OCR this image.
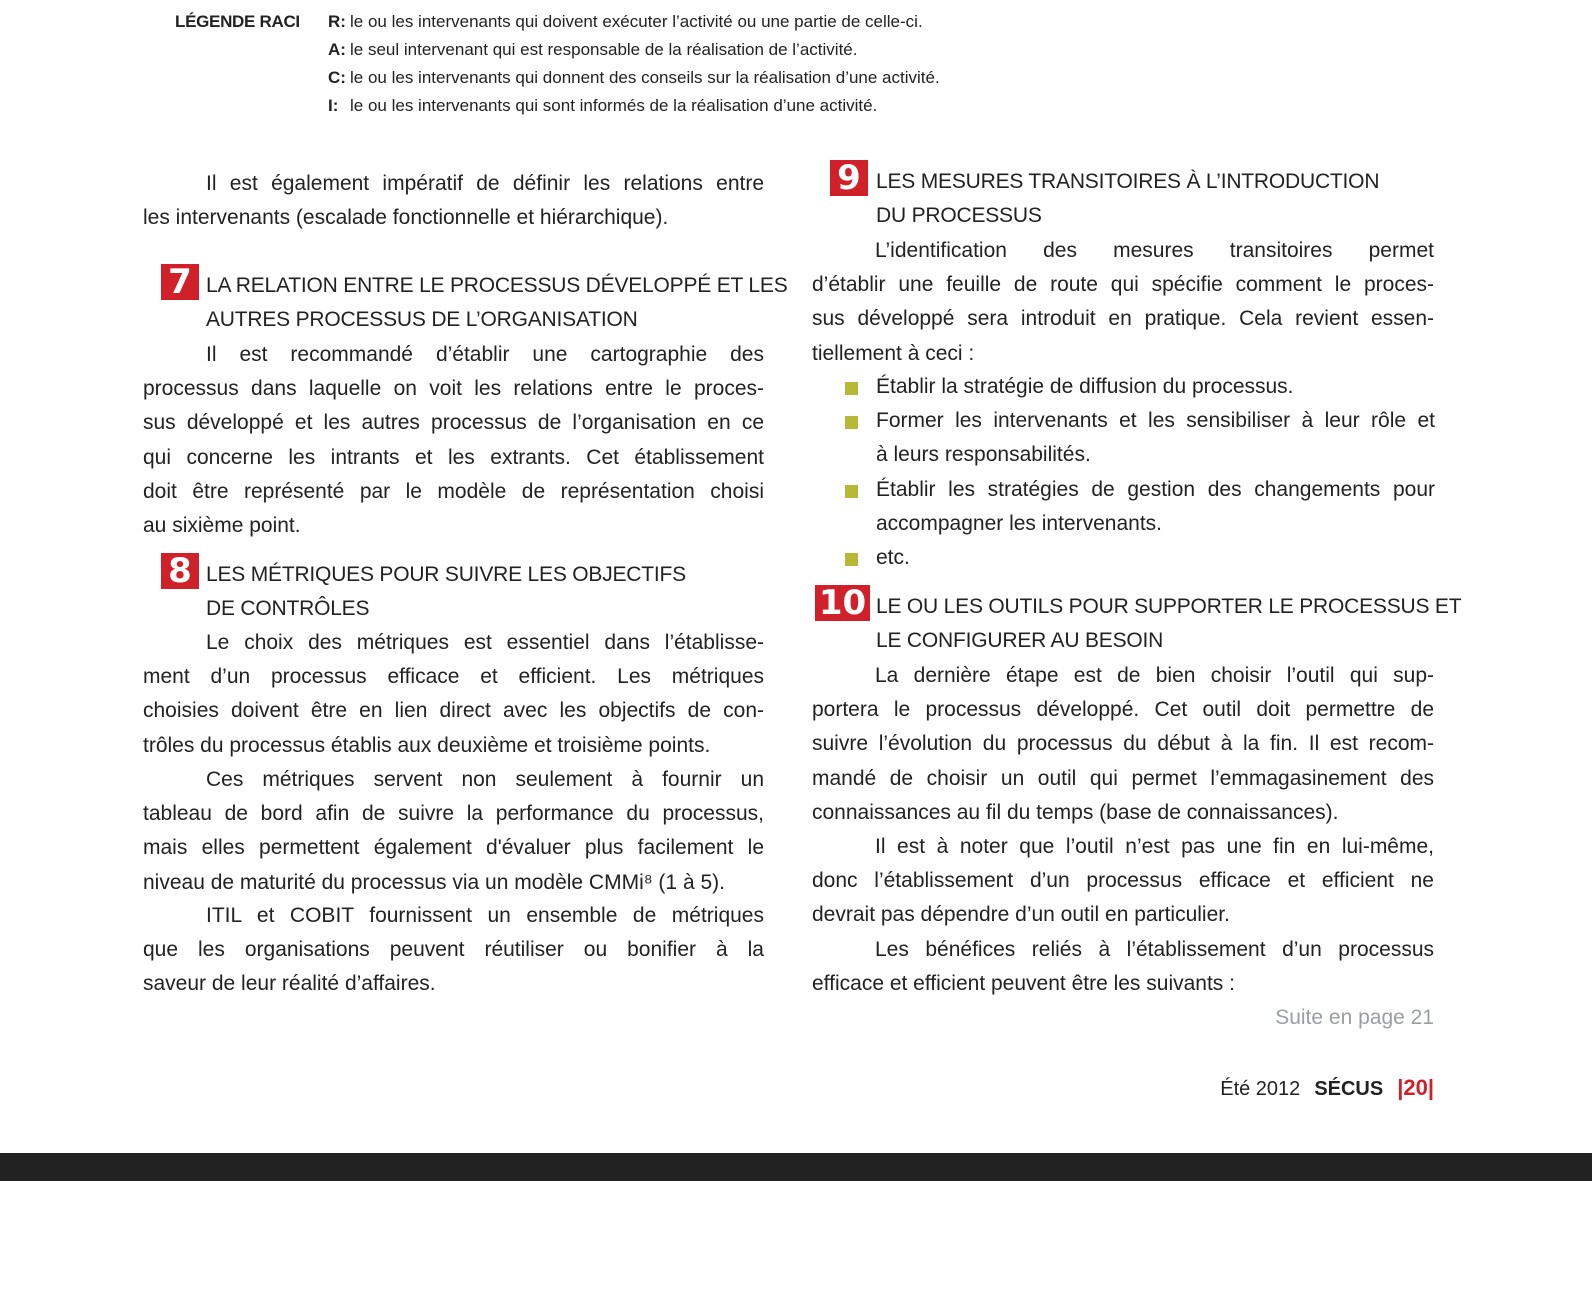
LÉGENDE RACI R: le ou les intervenants qui doivent exécuter l’activité ou une partie de celle-ci.
A: le seul intervenant qui est responsable de la réalisation de l’activité.
C: le ou les intervenants qui donnent des conseils sur la réalisation d’une activité.
I: le ou les intervenants qui sont informés de la réalisation d’une activité.
Il est également impératif de définir les relations entre
les intervenants (escalade fonctionnelle et hiérarchique).
7 LA RELATION ENTRE LE PROCESSUS DÉVELOPPÉ ET LES
AUTRES PROCESSUS DE L’ORGANISATION
Il est recommandé d’établir une cartographie des
processus dans laquelle on voit les relations entre le proces-
sus développé et les autres processus de l’organisation en ce
qui concerne les intrants et les extrants. Cet établissement
doit être représenté par le modèle de représentation choisi
au sixième point.
8 LES MÉTRIQUES POUR SUIVRE LES OBJECTIFS
DE CONTRÔLES
Le choix des métriques est essentiel dans l’établisse-
ment d’un processus efficace et efficient. Les métriques
choisies doivent être en lien direct avec les objectifs de con-
trôles du processus établis aux deuxième et troisième points.
Ces métriques servent non seulement à fournir un
tableau de bord afin de suivre la performance du processus,
mais elles permettent également d'évaluer plus facilement le
niveau de maturité du processus via un modèle CMMi⁸ (1 à 5).
ITIL et COBIT fournissent un ensemble de métriques
que les organisations peuvent réutiliser ou bonifier à la
saveur de leur réalité d’affaires.
9 LES MESURES TRANSITOIRES À L’INTRODUCTION
DU PROCESSUS
L’identification des mesures transitoires permet
d’établir une feuille de route qui spécifie comment le proces-
sus développé sera introduit en pratique. Cela revient essen-
tiellement à ceci :
Établir la stratégie de diffusion du processus.
Former les intervenants et les sensibiliser à leur rôle et
à leurs responsabilités.
Établir les stratégies de gestion des changements pour
accompagner les intervenants.
etc.
10 LE OU LES OUTILS POUR SUPPORTER LE PROCESSUS ET
LE CONFIGURER AU BESOIN
La dernière étape est de bien choisir l’outil qui sup-
portera le processus développé. Cet outil doit permettre de
suivre l’évolution du processus du début à la fin. Il est recom-
mandé de choisir un outil qui permet l’emmagasinement des
connaissances au fil du temps (base de connaissances).
Il est à noter que l’outil n’est pas une fin en lui-même,
donc l’établissement d’un processus efficace et efficient ne
devrait pas dépendre d’un outil en particulier.
Les bénéfices reliés à l’établissement d’un processus
efficace et efficient peuvent être les suivants :
Suite en page 21
Été 2012 SÉCUS |20|
